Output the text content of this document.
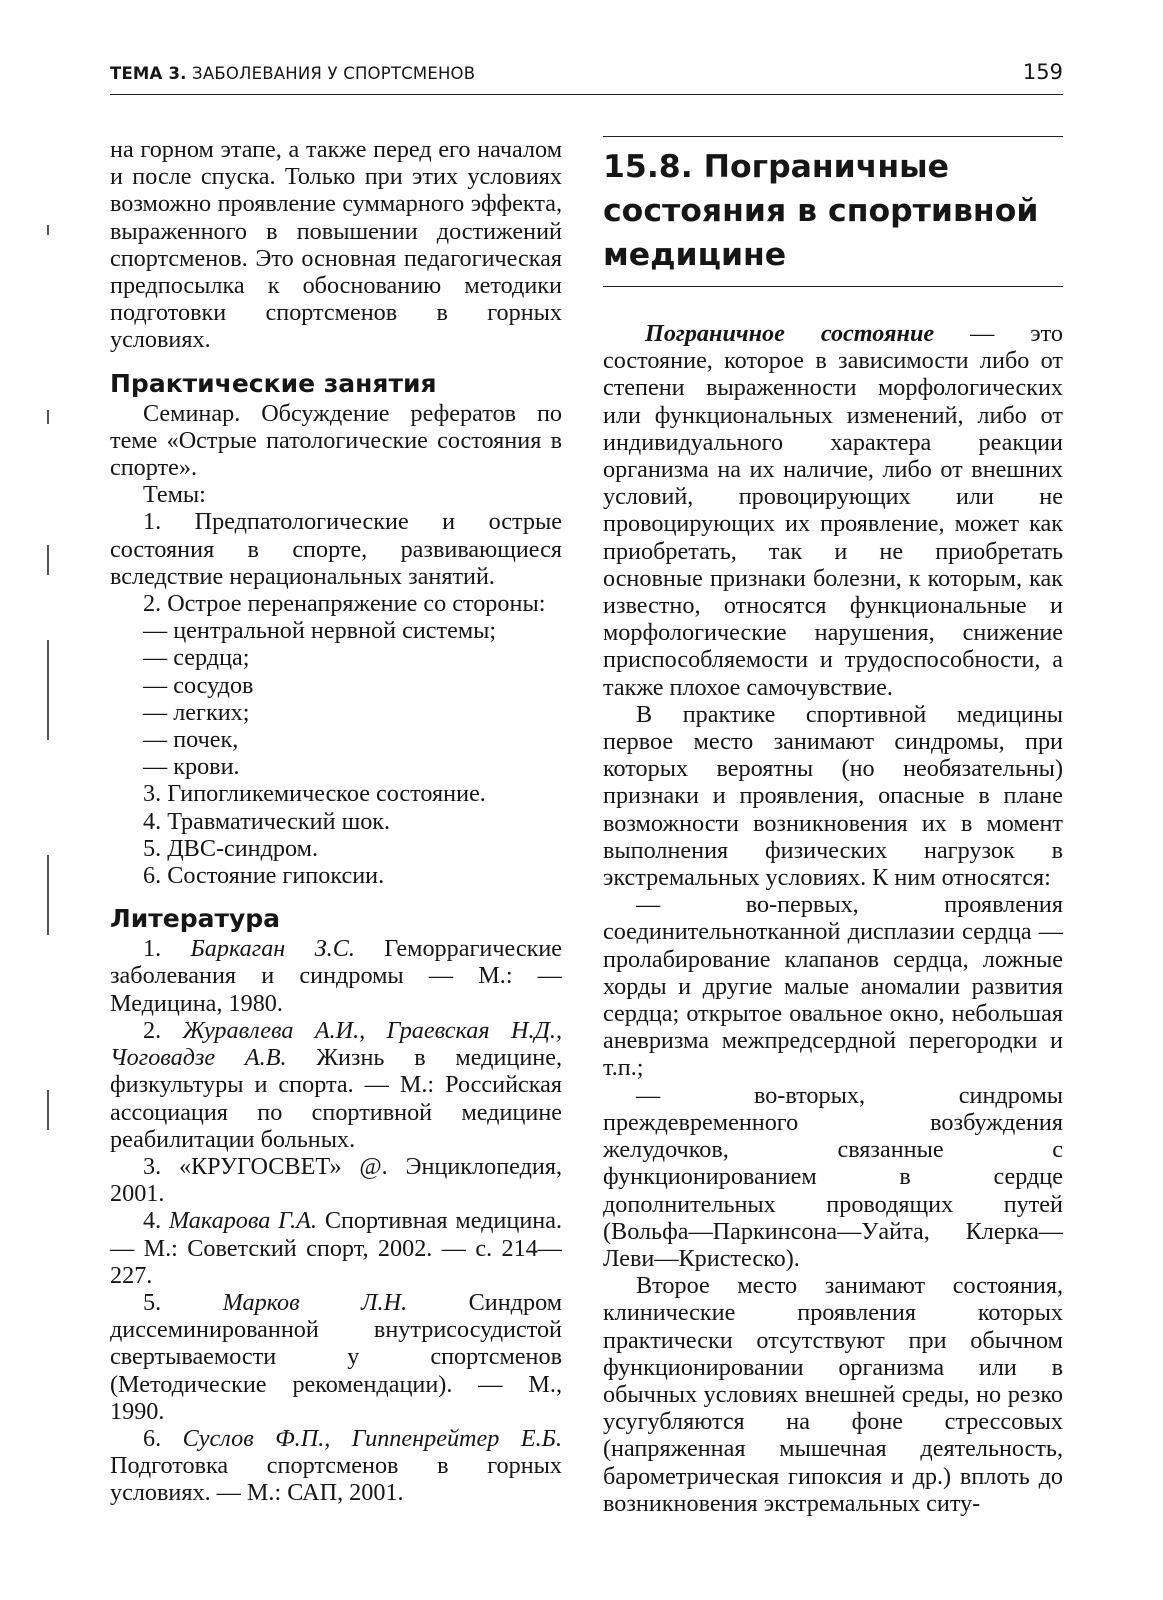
ТЕМА 3. ЗАБОЛЕВАНИЯ У СПОРТСМЕНОВ	159

на горном этапе, а также перед его началом и после спуска. Только при этих условиях возможно проявление суммарного эффекта, выраженного в повышении достижений спортсменов. Это основная педагогическая предпосылка к обоснованию методики подготовки спортсменов в горных условиях.

Практические занятия

Семинар. Обсуждение рефератов по теме «Острые патологические состояния в спорте».

Темы:

1. Предпатологические и острые состояния в спорте, развивающиеся вследствие нерациональных занятий.

2. Острое перенапряжение со стороны:

— центральной нервной системы;

— сердца;

— сосудов

— легких;

— почек,

— крови.

3. Гипогликемическое состояние.

4. Травматический шок.

5. ДВС-синдром.

6. Состояние гипоксии.

Литература

1. Баркаган З.С. Геморрагические заболевания и синдромы — М.: — Медицина, 1980.

2. Журавлева А.И., Граевская Н.Д., Чоговадзе А.В. Жизнь в медицине, физкультуры и спорта. — М.: Российская ассоциация по спортивной медицине реабилитации больных.

3. «КРУГОСВЕТ» @. Энциклопедия, 2001.

4. Макарова Г.А. Спортивная медицина. — М.: Советский спорт, 2002. — с. 214—227.

5. Марков Л.Н. Синдром диссеминированной внутрисосудистой свертываемости у спортсменов (Методические рекомендации). — М., 1990.

6. Суслов Ф.П., Гиппенрейтер Е.Б. Подготовка спортсменов в горных условиях. — М.: САП, 2001.

15.8. Пограничные состояния в спортивной медицине

Пограничное состояние — это состояние, которое в зависимости либо от степени выраженности морфологических или функциональных изменений, либо от индивидуального характера реакции организма на их наличие, либо от внешних условий, провоцирующих или не провоцирующих их проявление, может как приобретать, так и не приобретать основные признаки болезни, к которым, как известно, относятся функциональные и морфологические нарушения, снижение приспособляемости и трудоспособности, а также плохое самочувствие.

В практике спортивной медицины первое место занимают синдромы, при которых вероятны (но необязательны) признаки и проявления, опасные в плане возможности возникновения их в момент выполнения физических нагрузок в экстремальных условиях. К ним относятся:

— во-первых, проявления соединительнотканной дисплазии сердца — пролабирование клапанов сердца, ложные хорды и другие малые аномалии развития сердца; открытое овальное окно, небольшая аневризма межпредсердной перегородки и т.п.;

— во-вторых, синдромы преждевременного возбуждения желудочков, связанные с функционированием в сердце дополнительных проводящих путей (Вольфа—Паркинсона—Уайта, Клерка—Леви—Кристеско).

Второе место занимают состояния, клинические проявления которых практически отсутствуют при обычном функционировании организма или в обычных условиях внешней среды, но резко усугубляются на фоне стрессовых (напряженная мышечная деятельность, барометрическая гипоксия и др.) вплоть до возникновения экстремальных ситу-
